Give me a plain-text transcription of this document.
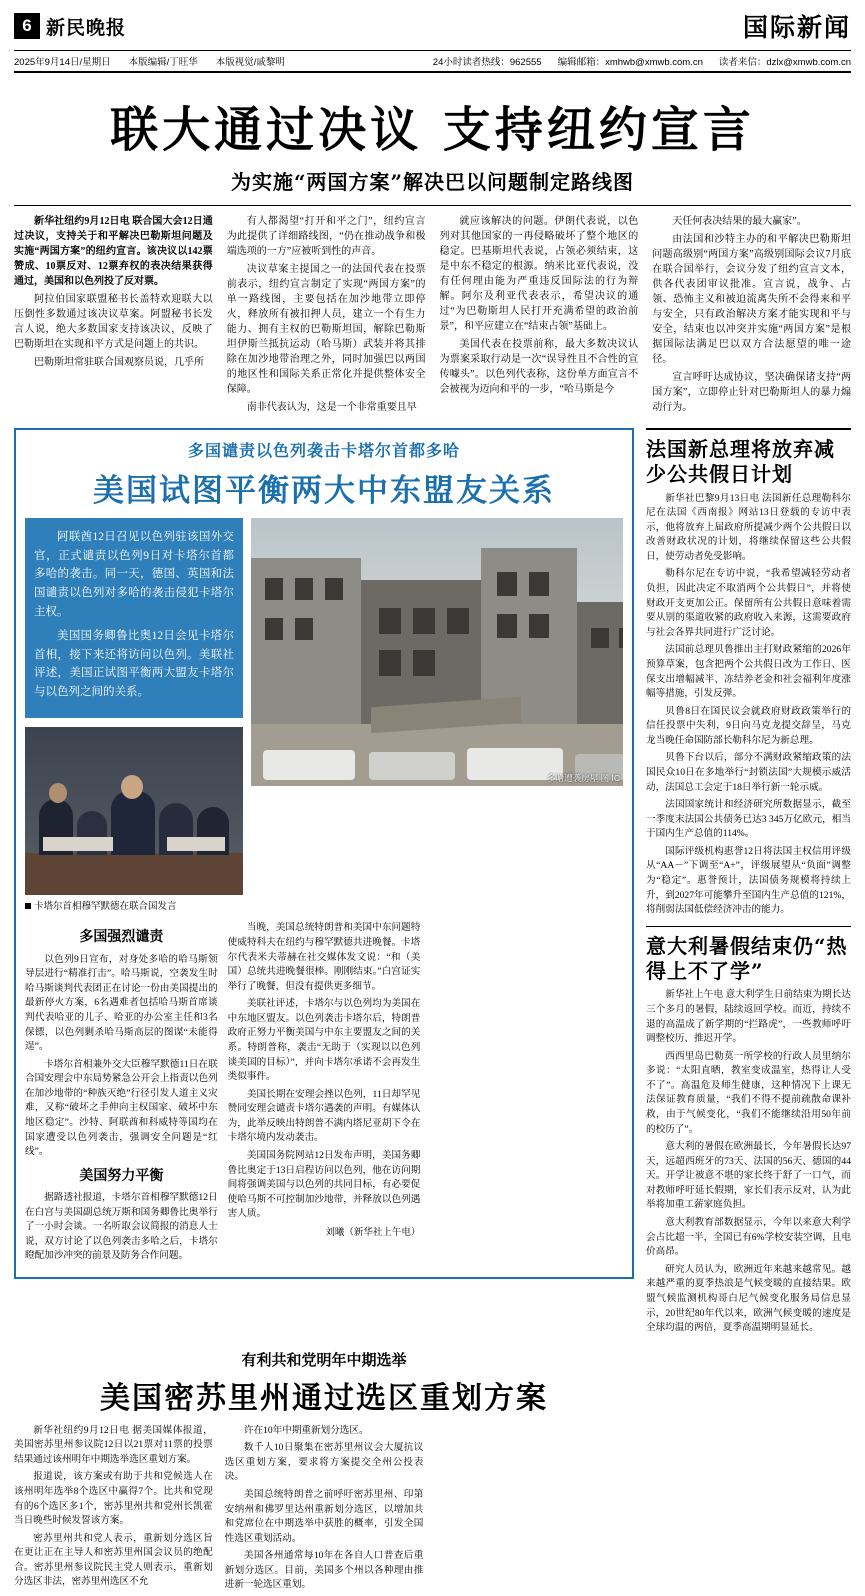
6 新民晚报	国际新闻
2025年9月14日/星期日 本版编辑/丁旺华 本版视觉/戚黎明	24小时读者热线：962555 编辑邮箱：xmhwb@xmwb.com.cn 读者来信：dzlx@xmwb.com.cn
联大通过决议 支持纽约宣言
为实施“两国方案”解决巴以问题制定路线图

新华社纽约9月12日电 联合国大会12日通过决议，支持关于和平解决巴勒斯坦问题及实施“两国方案”的纽约宣言。该决议以142票赞成、10票反对、12票弃权的表决结果获得通过，美国和以色列投了反对票。

阿拉伯国家联盟秘书长盖特欢迎联大以压倒性多数通过该决议草案。阿盟秘书长发言人说，绝大多数国家支持该决议，反映了巴勒斯坦在实现和平方式是问题上的共识。

巴勒斯坦常驻联合国观察员说，几乎所

有人都渴望“打开和平之门”，纽约宣言为此提供了详细路线图，“仍在推动战争和极端选项的一方”应被听到性的声音。

决议草案主提国之一的法国代表在投票前表示，纽约宣言制定了实现“两国方案”的单一路线图，主要包括在加沙地带立即停火，释放所有被扣押人员，建立一个有生力能力、拥有主权的巴勒斯坦国，解除巴勒斯坦伊斯兰抵抗运动（哈马斯）武装并将其排除在加沙地带治理之外，同时加强巴以两国的地区性和国际关系正常化并提供整体安全保障。

南非代表认为，这是一个非常重要且早

就应该解决的问题。伊朗代表说，以色列对其他国家的一再侵略破坏了整个地区的稳定。巴基斯坦代表说，占领必须结束，这是中东不稳定的根源。纳米比亚代表说，没有任何理由能为严重违反国际法的行为辩解。阿尔及利亚代表表示，希望决议的通过“为巴勒斯坦人民打开充满希望的政治前景”，和平应建立在“结束占领”基础上。

美国代表在投票前称，最大多数决议认为票案采取行动是一次“误导性且不合性的宣传噱头”。以色列代表称，这份单方面宣言不会被视为迈向和平的一步，“哈马斯是今

天任何表决结果的最大赢家”。

由法国和沙特主办的和平解决巴勒斯坦问题高级别“两国方案”高级别国际会议7月底在联合国举行，会议分发了纽约宣言文本，供各代表团审议批准。宣言说，战争、占领、恐怖主义和被迫流离失所不会得来和平与安全，只有政治解决方案才能实现和平与安全，结束也以冲突并实施“两国方案”是根据国际法满足巴以双方合法愿望的唯一途径。

宣言呼吁达成协议，坚决确保诸支持“两国方案”，立即停止针对巴勒斯坦人的暴力煽动行为。

多国谴责以色列袭击卡塔尔首都多哈
美国试图平衡两大中东盟友关系

阿联酋12日召见以色列驻该国外交官，正式谴责以色列9日对卡塔尔首都多哈的袭击。同一天，德国、英国和法国谴责以色列对多哈的袭击侵犯卡塔尔主权。

美国国务卿鲁比奥12日会见卡塔尔首相，接下来还将访问以色列。美联社评述，美国正试图平衡两大盟友卡塔尔与以色列之间的关系。

卡塔尔首相穆罕默德在联合国发言
多哈遭袭房屋 图 IC
多国强烈谴责

以色列9日宣布，对身处多哈的哈马斯领导层进行“精准打击”。哈马斯说，空袭发生时哈马斯谈判代表团正在讨论一份由美国提出的最新停火方案，6名遇难者包括哈马斯首席谈判代表哈亚的儿子、哈亚的办公室主任和3名保镖，以色列剿杀哈马斯高层的图谋“未能得逞”。

卡塔尔首相兼外交大臣穆罕默德11日在联合国安理会中东局势紧急公开会上指责以色列在加沙地带的“种族灭绝”行径引发人道主义灾难，又称“破坏之手伸向主权国家、破坏中东地区稳定”。沙特、阿联酋和科威特等国均在国家遭受以色列袭击，强调安全问题是“红线”。

美国努力平衡

据路透社报道，卡塔尔首相穆罕默德12日在白宫与美国副总统万斯和国务卿鲁比奥举行了一小时会谈。一名听取会议简报的消息人士说，双方讨论了以色列袭击多哈之后，卡塔尔瞪配加沙冲突的前景及防务合作问题。

当晚，美国总统特朗普和美国中东问题特使威特科夫在纽约与穆罕默德共进晚餐。卡塔尔代表米夫蒂赫在社交媒体发文说：“和（美国）总统共进晚餐很棒。刚刚结束。”白宫证实举行了晚餐，但没有提供更多细节。

美联社评述，卡塔尔与以色列均为美国在中东地区盟友。以色列袭击卡塔尔后，特朗普政府正努力平衡美国与中东主要盟友之间的关系。特朗普称，袭击“无助于（实现以以色列谈美国的目标）”，并向卡塔尔承诺不会再发生类似事件。

美国长期在安理会挫以色列，11日却罕见赞同安理会谴责卡塔尔遇袭的声明。有媒体认为，此举反映出特朗普不满内塔尼亚胡下令在卡塔尔境内发动袭击。

美国国务院网站12日发布声明，美国务卿鲁比奥定于13日启程访问以色列，他在访问期间将强调美国与以色列的共同目标，有必要促使哈马斯不可控制加沙地带，并释放以色列遇害人质。

刘曦（新华社上午电）
法国新总理将放弃减少公共假日计划

新华社巴黎9月13日电 法国新任总理勒科尔尼在法国《西南报》网站13日登载的专访中表示，他将放弃上届政府所提减少两个公共假日以改善财政状况的计划，将继续保留这些公共假日，使劳动者免受影响。

勒科尔尼在专访中说，“我希望减轻劳动者负担，因此决定不取消两个公共假日”，并将使财政开支更加公正。保留所有公共假日意味着需要从别的渠道收紧的政府收入来源，这需要政府与社会各界共同进行广泛讨论。

法国前总理贝鲁推出主打财政紧缩的2026年预算草案，包含把两个公共假日改为工作日、医保支出增幅减半、冻结养老金和社会福利年度涨幅等措施，引发反弹。

贝鲁8日在国民议会就政府财政政策举行的信任投票中失利，9日向马克龙提交辞呈，马克龙当晚任命国防部长勒科尔尼为新总理。

贝鲁下台以后，部分不满财政紧缩政策的法国民众10日在多地举行“封锁法国”大规模示威活动，法国总工会定于18日举行新一轮示威。

法国国家统计和经济研究所数据显示，截至一季度末法国公共债务已达3 345万亿欧元，相当于国内生产总值的114%。

国际评级机构惠誉12日将法国主权信用评级从“AA－”下调至“A+”，评级展望从“负面”调整为“稳定”。惠誉预计，法国债务规模将持续上升，到2027年可能攀升至国内生产总值的121%，将削弱法国低偿经济冲击的能力。

意大利暑假结束仍“热得上不了学”

新华社上午电 意大利学生日前结束为期长达三个多月的暑假，陆续返回学校。而近，持续不退的高温成了新学期的“拦路虎”，一些教师呼吁调整校历、推迟开学。

西西里岛巴勒莫一所学校的行政人员里纳尔多说：“太阳直晒，教室变成温室，热得让人受不了”。高温危及师生健康，这种情况下上课无法保证教育质量，“我们不得不提前疏散命课补救，由于气候变化，“我们不能继续沿用50年前的校历了”。

意大利的暑假在欧洲最长，今年暑假长达97天，远超西班牙的73天、法国的56天、德国的44天。开学让被意不堪的家长终于舒了一口气，而对教师呼吁延长假期，家长们表示反对，认为此举将加重工薪家庭负担。

意大利教育部数据显示，今年以来意大利学会占比超一半，全国已有6%学校安装空调，且电价高昂。

研究人员认为，欧洲近年来越来越常见。越来越严重的夏季热浪是气候变暖的直接结果。欧盟气候监测机构哥白尼气候变化服务局信息显示，20世纪80年代以来，欧洲气候变暖的速度是全球均温的两倍，夏季高温期明显延长。

有利共和党明年中期选举
美国密苏里州通过选区重划方案

新华社纽约9月12日电 据美国媒体报道，美国密苏里州参议院12日以21票对11票的投票结果通过该州明年中期选举选区重划方案。

报道说，该方案或有助于共和党候选人在该州明年选举8个选区中赢得7个。比共和党现有的6个选区多1个，密苏里州共和党州长凯霍当日晚些时候发誓该方案。

密苏里州共和党人表示，重新划分选区旨在更让正在主导人和密苏里州国会议员的绝配合。密苏里州参议院民主党人则表示，重新划分选区非法，密苏里州选区不允

许在10年中期重新划分选区。

数千人10日聚集在密苏里州议会大厦抗议选区重划方案，要求将方案提交全州公投表决。

美国总统特朗普之前呼吁密苏里州、印第安纳州和佛罗里达州重新划分选区，以增加共和党席位在中期选举中获胜的概率，引发全国性选区重划活动。

美国各州通常每10年在各自人口普查后重新划分选区。目前，美国多个州以各种理由推进新一轮选区重划。
